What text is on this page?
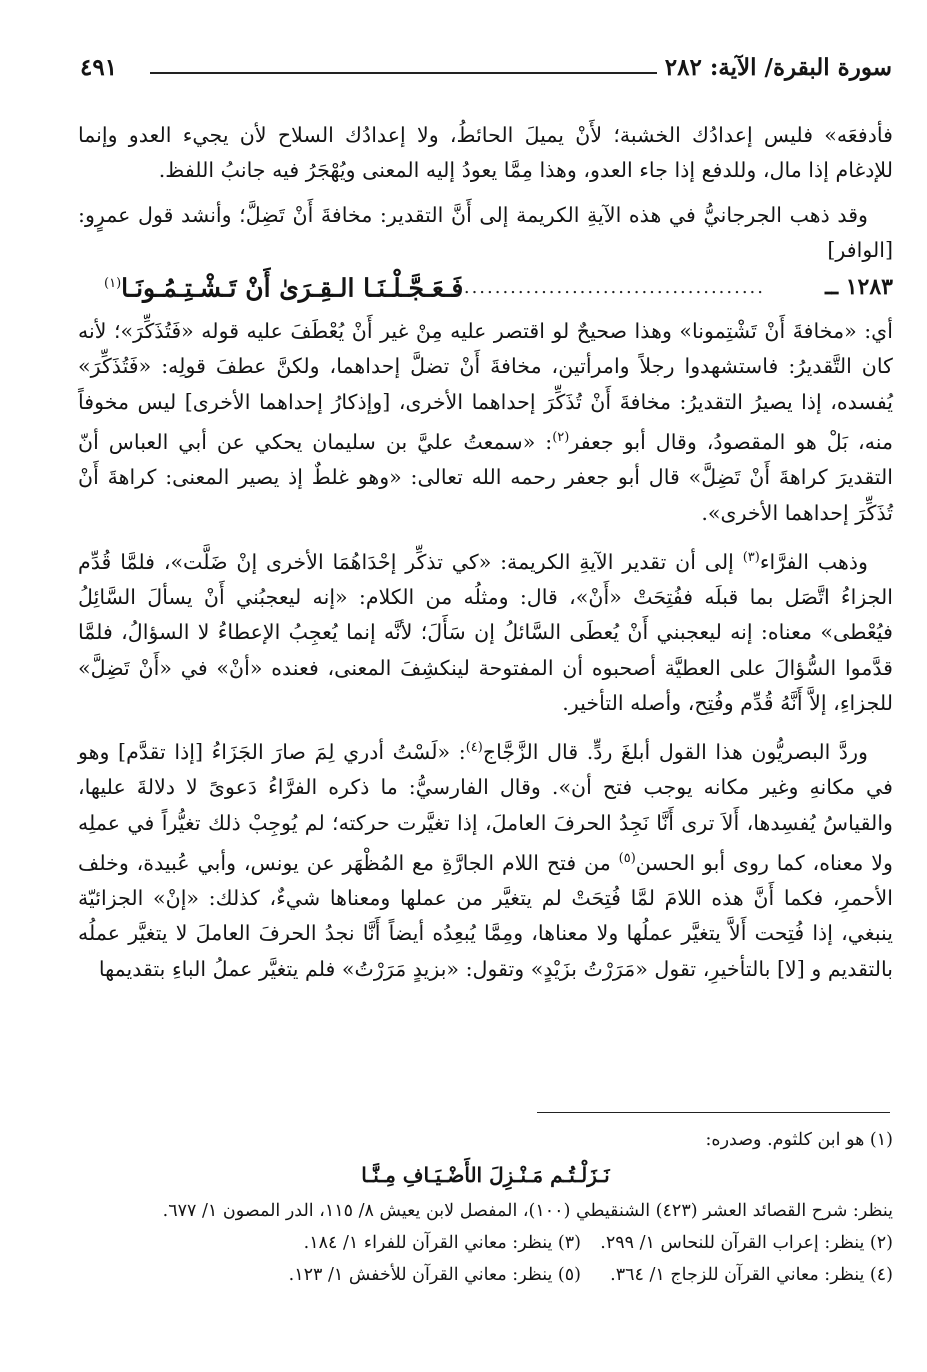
سورة البقرة/ الآية: ٢٨٢
٤٩١

فأدفعَه» فليس إعدادُك الخشبة؛ لأَنْ يميلَ الحائطُ، ولا إعدادُك السلاح لأن يجيء العدو وإنما للإدغام إذا مال، وللدفع إذا جاء العدو، وهذا مِمَّا يعودُ إليه المعنى ويُهْجَرُ فيه جانبُ اللفظ.

وقد ذهب الجرجانيُّ في هذه الآيةِ الكريمة إلى أَنَّ التقدير: مخافةَ أَنْ تَضِلَّ؛ وأنشد قول عمرٍو: [الوافر]

١٢٨٣ ــ
........................................
فَـعَـجَّـلْـنَـا الـقِـرَىٰ أَنْ تَـشْـتِـمُـونَـا$^{(١)}$

أي: «مخافةَ أَنْ تَشْتِمونا» وهذا صحيحٌ لو اقتصر عليه مِنْ غير أَنْ يُعْطَفَ عليه قوله «فَتُذَكِّرَ»؛ لأنه كان التَّقديرُ: فاستشهدوا رجلاً وامرأتين، مخافةَ أَنْ تضلَّ إحداهما، ولكنَّ عطفَ قولِه: «فَتُذَكِّرَ» يُفسده، إذا يصيرُ التقديرُ: مخافةَ أَنْ تُذَكِّرَ إحداهما الأخرى، [وإذكارُ إحداهما الأخرى] ليس مخوفاً منه، بَلْ هو المقصودُ، وقال أبو جعفر$^{(٢)}$: «سمعتُ عليَّ بن سليمان يحكي عن أبي العباس أنّ التقديرَ كراهةَ أَنْ تَضِلَّ» قال أبو جعفر رحمه الله تعالى: «وهو غلطٌ إذ يصير المعنى: كراهةَ أَنْ تُذَكِّرَ إحداهما الأخرى».

وذهب الفرَّاء$^{(٣)}$ إلى أن تقدير الآيةِ الكريمة: «كي تذكِّر إحْدَاهُمَا الأخرى إنْ ضَلَّت»، فلمَّا قُدِّم الجزاءُ اتَّصَل بما قبلَه ففُتِحَتْ «أَنْ»، قال: ومثلُه من الكلام: «إنه ليعجبُني أَنْ يسألَ السَّائِلُ فيُعْطى» معناه: إنه ليعجبني أَنْ يُعطَى السَّائلُ إن سَأَلَ؛ لأنَّه إنما يُعجِبُ الإعطاءُ لا السؤالُ، فلمَّا قدَّموا السُّؤالَ على العطيَّة أصحبوه أن المفتوحة لينكشِفَ المعنى، فعنده «أنْ» في «أَنْ تَضِلَّ» للجزاءِ، إلاَّ أَنَّهُ قُدِّم وفُتِح، وأصله التأخير.

وردَّ البصريُّون هذا القول أبلغَ ردٍّ. قال الزَّجَّاج$^{(٤)}$: «لَسْتُ أدري لِمَ صارَ الجَزَاءُ [إذا تقدَّم] وهو في مكانهِ وغير مكانه يوجب فتح أن». وقال الفارسيُّ: ما ذكره الفرَّاءُ دَعوىً لا دلالةَ عليها، والقياسُ يُفسِدها، أَلاَ ترى أَنَّا نَجِدُ الحرفَ العاملَ، إذا تغيَّرت حركته؛ لم يُوجِبْ ذلك تغيُّراً في عملِه ولا معناه، كما روى أبو الحسن$^{(٥)}$ من فتح اللام الجارَّةِ مع المُظْهَر عن يونس، وأبي عُبيدة، وخلف الأحمرِ، فكما أَنَّ هذه اللامَ لمَّا فُتِحَتْ لم يتغيَّر من عملها ومعناها شيءٌ، كذلك: «إنْ» الجزائيّة ينبغي، إذا فُتِحت أَلاَّ يتغيَّر عملُها ولا معناها، ومِمَّا يُبعِدُه أيضاً أَنَّا نجدُ الحرفَ العاملَ لا يتغيَّر عملُه بالتقديم و [لا] بالتأخيرِ، تقول «مَرَرْتُ بزَيْدٍ» وتقول: «بزيدٍ مَرَرْتُ» فلم يتغيَّر عملُ الباءِ بتقديمها

(١) هو ابن كلثوم. وصدره:

نَـزَلْـتُـم مَـنْـزِلَ الأَضْـيَـافِ مِـنَّـا

ينظر: شرح القصائد العشر (٤٢٣) الشنقيطي (١٠٠)، المفصل لابن يعيش ٨/ ١١٥، الدر المصون ١/ ٦٧٧.

(٢) ينظر: إعراب القرآن للنحاس ١/ ٢٩٩.
(٣) ينظر: معاني القرآن للفراء ١/ ١٨٤.
(٤) ينظر: معاني القرآن للزجاج ١/ ٣٦٤.
(٥) ينظر: معاني القرآن للأخفش ١/ ١٢٣.
